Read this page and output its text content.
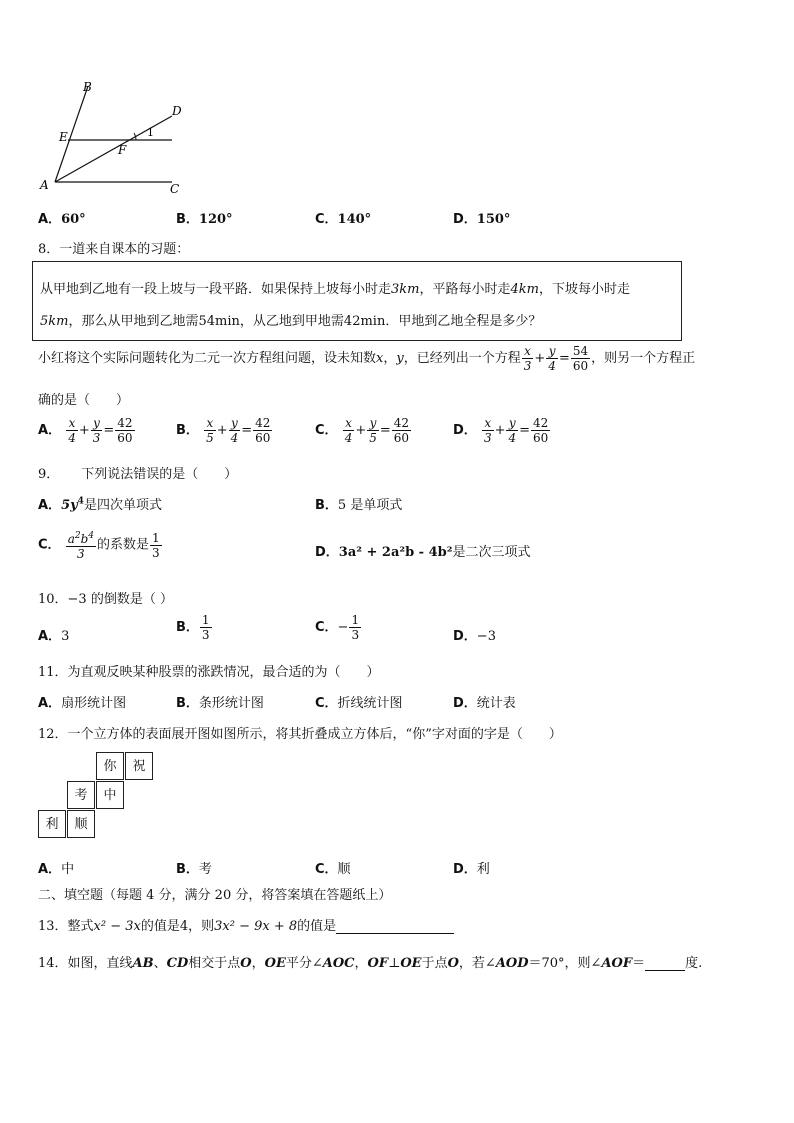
B
D
E	1
F
A	C
A．60°	B．120°	C．140°	D．150°
8．一道来自课本的习题：
从甲地到乙地有一段上坡与一段平路．如果保持上坡每小时走3km，平路每小时走4km，下坡每小时走
5km，那么从甲地到乙地需54min，从乙地到甲地需42min．甲地到乙地全程是多少？
小红将这个实际问题转化为二元一次方程组问题，设未知数x，y，已经列出一个方程 $\frac{x}{3} + \frac{y}{4} = \frac{54}{60}$ ，则另一个方程正
确的是（　　）
A． $\frac{x}{4} + \frac{y}{3} = \frac{42}{60}$	B． $\frac{x}{5} + \frac{y}{4} = \frac{42}{60}$	C． $\frac{x}{4} + \frac{y}{5} = \frac{42}{60}$	D． $\frac{x}{3} + \frac{y}{4} = \frac{42}{60}$
9． 下列说法错误的是（　　）
A．$5y^4$是四次单项式	B．5 是单项式
C． $\frac{a^2b^4}{3}$ 的系数是 $\frac{1}{3}$	D．3a² + 2a²b - 4b²是二次三项式
10．−3 的倒数是（ ）
A．3
B． $\frac{1}{3}$	C．− $\frac{1}{3}$	D．−3
11．为直观反映某种股票的涨跌情况，最合适的为（　　）
A．扇形统计图	B．条形统计图	C．折线统计图	D．统计表
12．一个立方体的表面展开图如图所示，将其折叠成立方体后，“你”字对面的字是（　　）
你	祝
考	中
利	顺
A．中	B．考	C．顺	D．利
二、填空题（每题 4 分，满分 20 分，将答案填在答题纸上）
13．整式x² − 3x的值是4，则3x² − 9x + 8的值是
14．如图，直线AB、CD相交于点O，OE平分∠AOC，OF⊥OE于点O，若∠AOD＝70°，则∠AOF＝	度.
